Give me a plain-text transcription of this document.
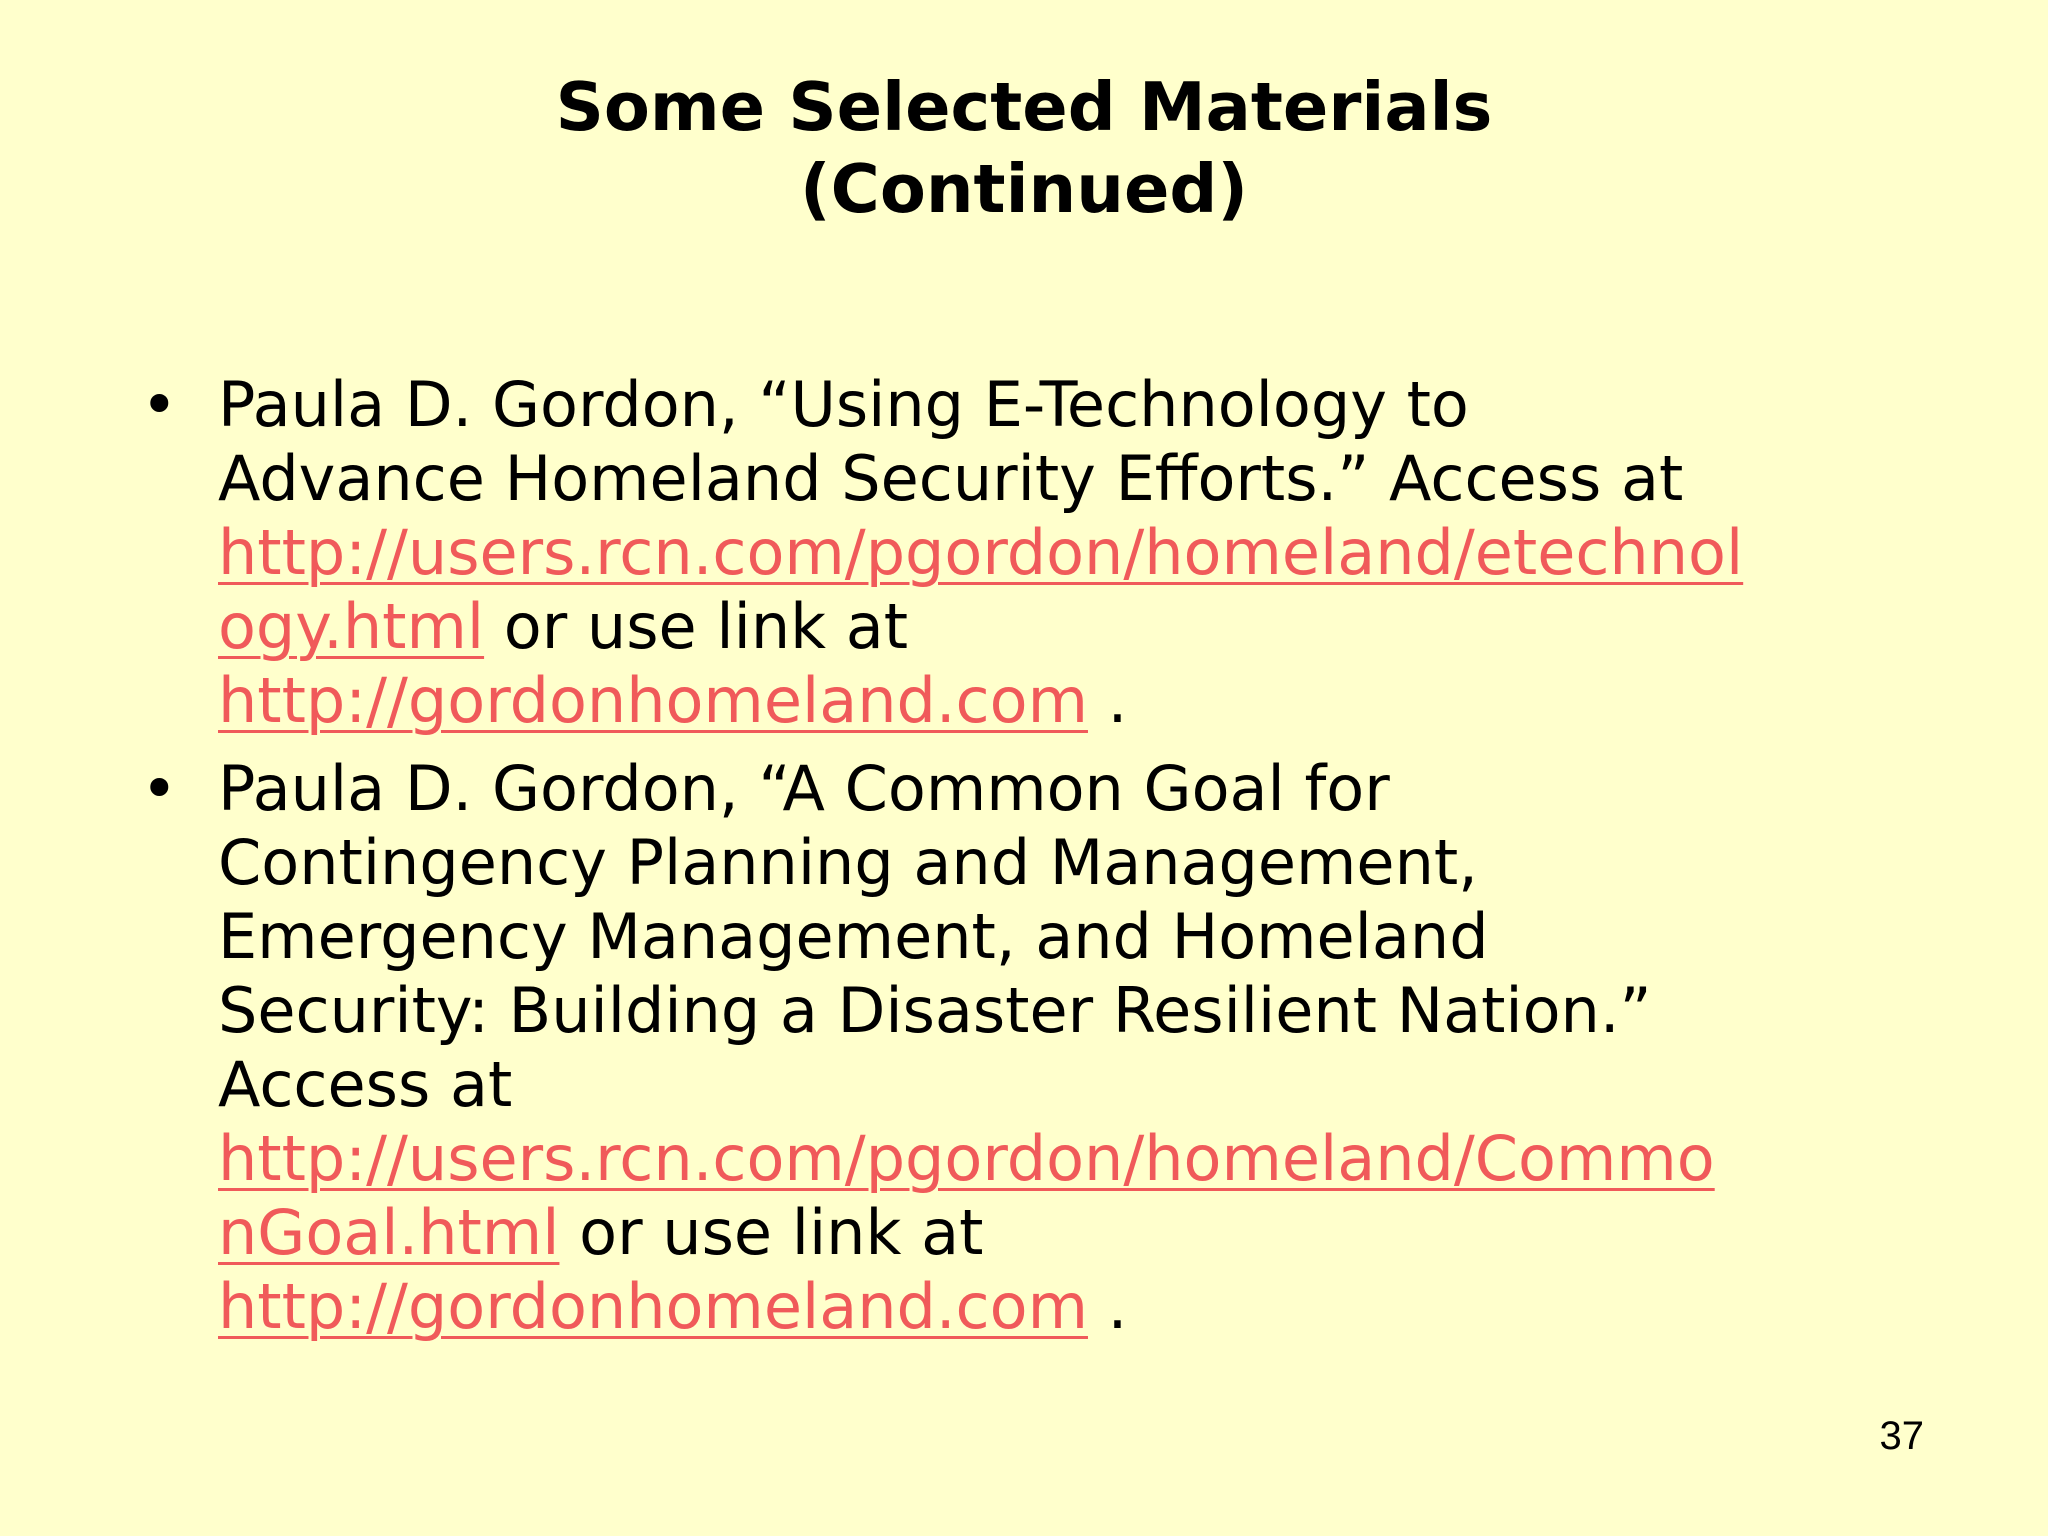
Some Selected Materials
(Continued)
• Paula D. Gordon, “Using E-Technology to
Advance Homeland Security Efforts.” Access at
http://users.rcn.com/pgordon/homeland/etechnol
ogy.html or use link at
http://gordonhomeland.com .
• Paula D. Gordon, “A Common Goal for
Contingency Planning and Management,
Emergency Management, and Homeland
Security: Building a Disaster Resilient Nation.”
Access at
http://users.rcn.com/pgordon/homeland/Commo
nGoal.html or use link at
http://gordonhomeland.com .
37
